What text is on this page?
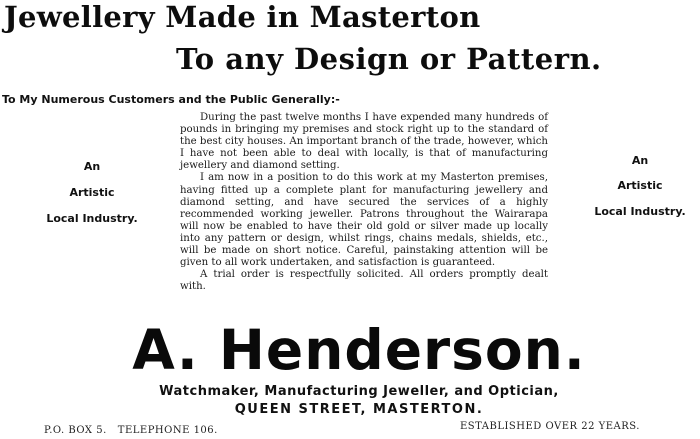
Jewellery Made in Masterton
To any Design or Pattern.
To My Numerous Customers and the Public Generally:-
An
Artistic
Local Industry.
An
Artistic
Local Industry.

During the past twelve months I have expended many hundreds of pounds in bringing my premises and stock right up to the standard of the best city houses. An important branch of the trade, however, which I have not been able to deal with locally, is that of manufacturing jewellery and diamond setting.

I am now in a position to do this work at my Masterton premises, having fitted up a complete plant for manufacturing jewellery and diamond setting, and have secured the services of a highly recommended working jeweller. Patrons throughout the Wairarapa will now be enabled to have their old gold or silver made up locally into any pattern or design, whilst rings, chains medals, shields, etc., will be made on short notice. Careful, painstaking attention will be given to all work undertaken, and satisfaction is guaranteed.

A trial order is respectfully solicited. All orders promptly dealt with.

A. Henderson.
Watchmaker, Manufacturing Jeweller, and Optician,
QUEEN STREET, MASTERTON.
P.O. BOX 5.   TELEPHONE 106.	ESTABLISHED OVER 22 YEARS.
